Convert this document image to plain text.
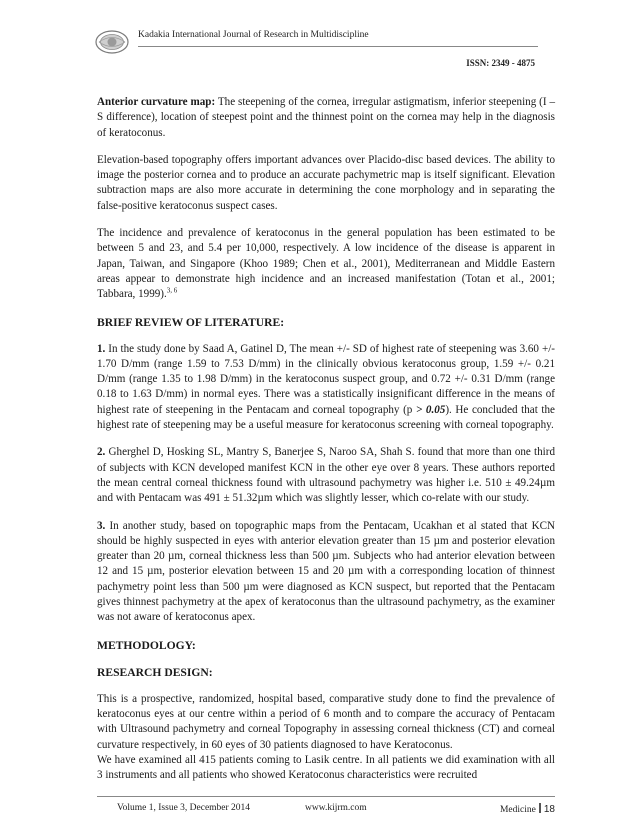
Kadakia International Journal of Research in Multidiscipline
ISSN: 2349 - 4875

Anterior curvature map: The steepening of the cornea, irregular astigmatism, inferior steepening (I – S difference), location of steepest point and the thinnest point on the cornea may help in the diagnosis of keratoconus.

Elevation-based topography offers important advances over Placido-disc based devices. The ability to image the posterior cornea and to produce an accurate pachymetric map is itself significant. Elevation subtraction maps are also more accurate in determining the cone morphology and in separating the false-positive keratoconus suspect cases.

The incidence and prevalence of keratoconus in the general population has been estimated to be between 5 and 23, and 5.4 per 10,000, respectively. A low incidence of the disease is apparent in Japan, Taiwan, and Singapore (Khoo 1989; Chen et al., 2001), Mediterranean and Middle Eastern areas appear to demonstrate high incidence and an increased manifestation (Totan et al., 2001; Tabbara, 1999).$^{3, 6}$

BRIEF REVIEW OF LITERATURE:

1. In the study done by Saad A, Gatinel D, The mean +/- SD of highest rate of steepening was 3.60 +/- 1.70 D/mm (range 1.59 to 7.53 D/mm) in the clinically obvious keratoconus group, 1.59 +/- 0.21 D/mm (range 1.35 to 1.98 D/mm) in the keratoconus suspect group, and 0.72 +/- 0.31 D/mm (range 0.18 to 1.63 D/mm) in normal eyes. There was a statistically insignificant difference in the means of highest rate of steepening in the Pentacam and corneal topography (p > 0.05). He concluded that the highest rate of steepening may be a useful measure for keratoconus screening with corneal topography.

2. Gherghel D, Hosking SL, Mantry S, Banerjee S, Naroo SA, Shah S. found that more than one third of subjects with KCN developed manifest KCN in the other eye over 8 years. These authors reported the mean central corneal thickness found with ultrasound pachymetry was higher i.e. 510 ± 49.24µm and with Pentacam was 491 ± 51.32µm which was slightly lesser, which co-relate with our study.

3. In another study, based on topographic maps from the Pentacam, Ucakhan et al stated that KCN should be highly suspected in eyes with anterior elevation greater than 15 µm and posterior elevation greater than 20 µm, corneal thickness less than 500 µm. Subjects who had anterior elevation between 12 and 15 µm, posterior elevation between 15 and 20 µm with a corresponding location of thinnest pachymetry point less than 500 µm were diagnosed as KCN suspect, but reported that the Pentacam gives thinnest pachymetry at the apex of keratoconus than the ultrasound pachymetry, as the examiner was not aware of keratoconus apex.

METHODOLOGY:
RESEARCH DESIGN:

This is a prospective, randomized, hospital based, comparative study done to find the prevalence of keratoconus eyes at our centre within a period of 6 month and to compare the accuracy of Pentacam with Ultrasound pachymetry and corneal Topography in assessing corneal thickness (CT) and corneal curvature respectively, in 60 eyes of 30 patients diagnosed to have Keratoconus.

We have examined all 415 patients coming to Lasik centre. In all patients we did examination with all 3 instruments and all patients who showed Keratoconus characteristics were recruited

Volume 1, Issue 3, December 2014	www.kijrm.com	Medicine 18
